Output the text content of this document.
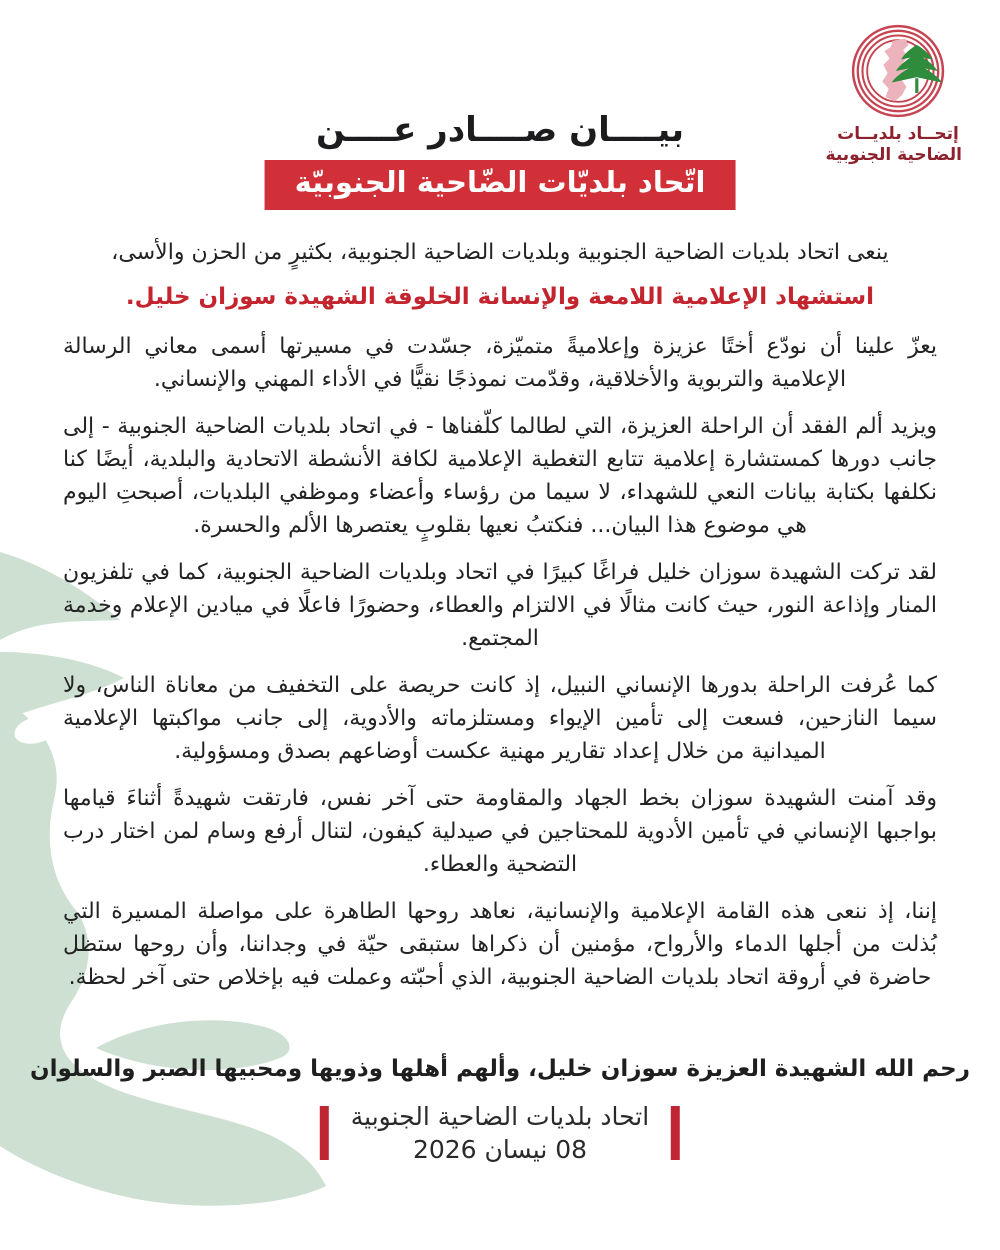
إتحــاد بلديــات
الضاحية الجنوبية
بيــــان صــــادر عــــن
اتّحاد بلديّات الضّاحية الجنوبيّة

ينعى اتحاد بلديات الضاحية الجنوبية وبلديات الضاحية الجنوبية، بكثيرٍ من الحزن والأسى،

استشهاد الإعلامية اللامعة والإنسانة الخلوقة الشهيدة سوزان خليل.

يعزّ علينا أن نودّع أختًا عزيزة وإعلاميةً متميّزة، جسّدت في مسيرتها أسمى معاني الرسالة الإعلامية والتربوية والأخلاقية، وقدّمت نموذجًا نقيًّا في الأداء المهني والإنساني.

ويزيد ألم الفقد أن الراحلة العزيزة، التي لطالما كلّفناها - في اتحاد بلديات الضاحية الجنوبية - إلى جانب دورها كمستشارة إعلامية تتابع التغطية الإعلامية لكافة الأنشطة الاتحادية والبلدية، أيضًا كنا نكلفها بكتابة بيانات النعي للشهداء، لا سيما من رؤساء وأعضاء وموظفي البلديات، أصبحتِ اليوم هي موضوع هذا البيان... فنكتبُ نعيها بقلوبٍ يعتصرها الألم والحسرة.

لقد تركت الشهيدة سوزان خليل فراغًا كبيرًا في اتحاد وبلديات الضاحية الجنوبية، كما في تلفزيون المنار وإذاعة النور، حيث كانت مثالًا في الالتزام والعطاء، وحضورًا فاعلًا في ميادين الإعلام وخدمة المجتمع.

كما عُرفت الراحلة بدورها الإنساني النبيل، إذ كانت حريصة على التخفيف من معاناة الناس، ولا سيما النازحين، فسعت إلى تأمين الإيواء ومستلزماته والأدوية، إلى جانب مواكبتها الإعلامية الميدانية من خلال إعداد تقارير مهنية عكست أوضاعهم بصدق ومسؤولية.

وقد آمنت الشهيدة سوزان بخط الجهاد والمقاومة حتى آخر نفس، فارتقت شهيدةً أثناءَ قيامها بواجبها الإنساني في تأمين الأدوية للمحتاجين في صيدلية كيفون، لتنال أرفع وسام لمن اختار درب التضحية والعطاء.

إننا، إذ ننعى هذه القامة الإعلامية والإنسانية، نعاهد روحها الطاهرة على مواصلة المسيرة التي بُذلت من أجلها الدماء والأرواح، مؤمنين أن ذكراها ستبقى حيّة في وجداننا، وأن روحها ستظل حاضرة في أروقة اتحاد بلديات الضاحية الجنوبية، الذي أحبّته وعملت فيه بإخلاص حتى آخر لحظة.

رحم الله الشهيدة العزيزة سوزان خليل، وألهم أهلها وذويها ومحبيها الصبر والسلوان
اتحاد بلديات الضاحية الجنوبية
08 نيسان 2026
